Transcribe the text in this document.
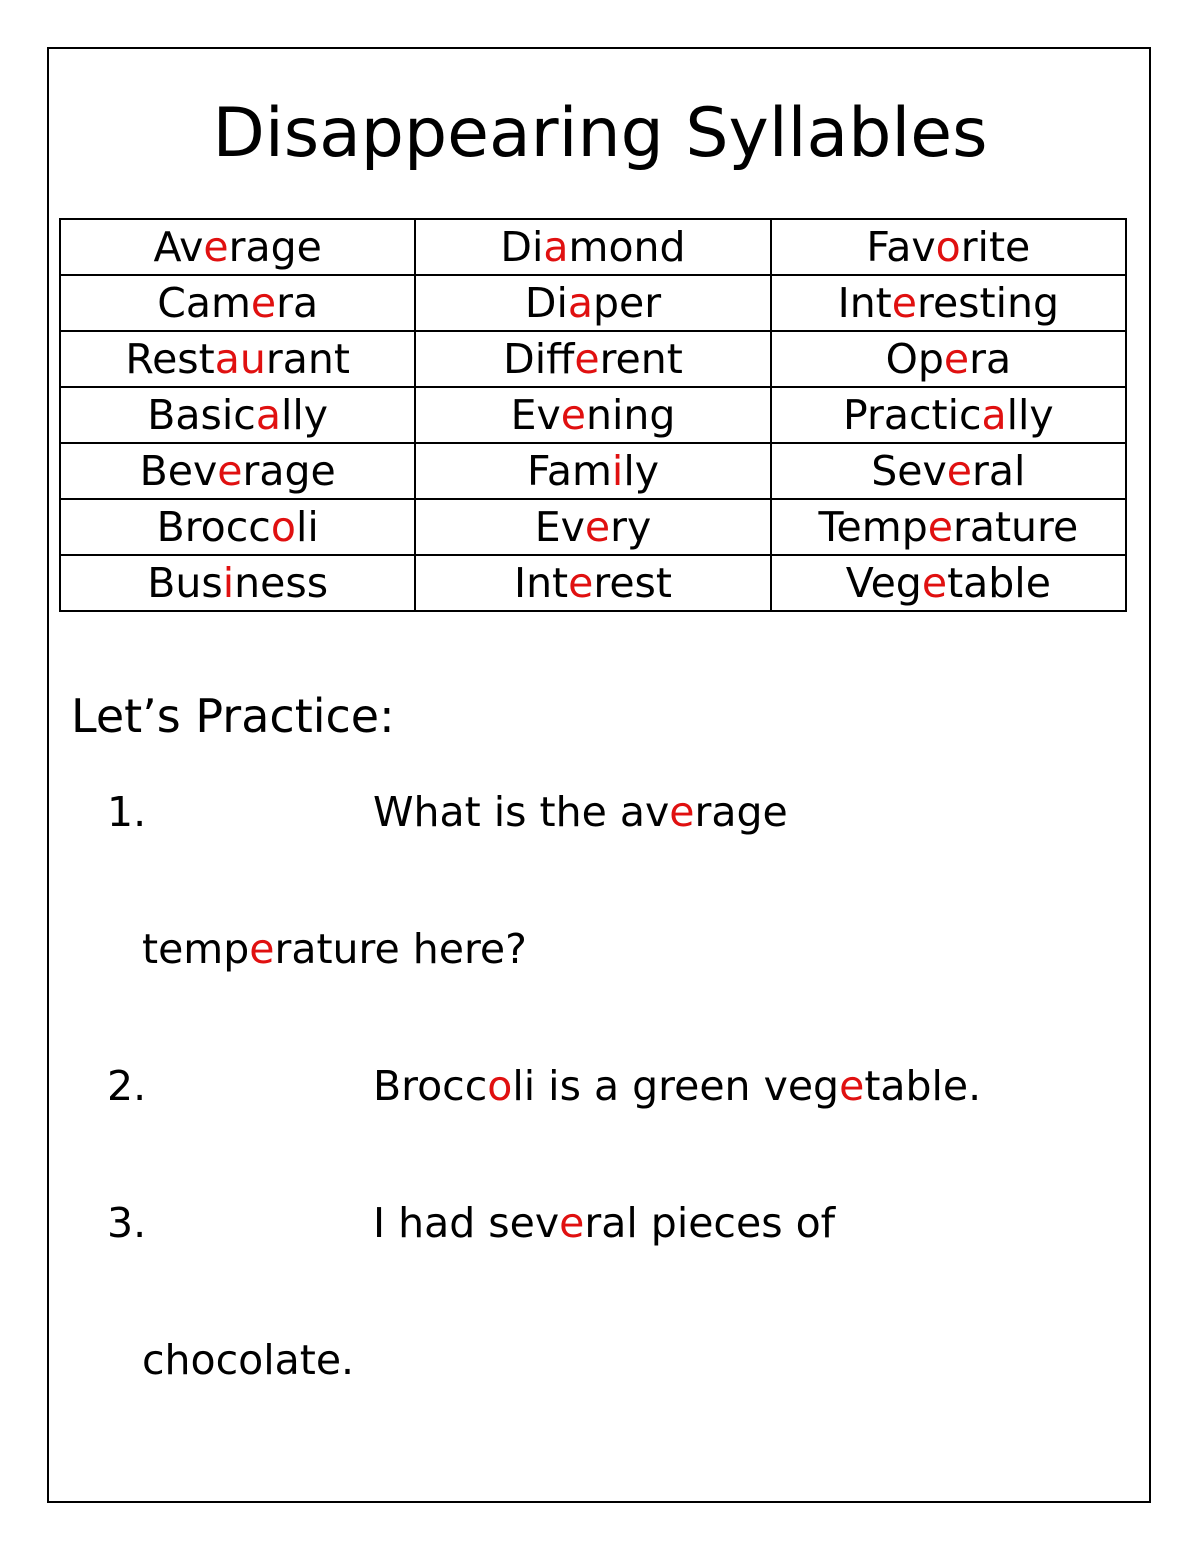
Disappearing Syllables
Average	Diamond	Favorite
Camera	Diaper	Interesting
Restaurant	Different	Opera
Basically	Evening	Practically
Beverage	Family	Several
Broccoli	Every	Temperature
Business	Interest	Vegetable
Let’s Practice:
1.	What is the average
temperature here?
2.	Broccoli is a green vegetable.
3.	I had several pieces of
chocolate.
